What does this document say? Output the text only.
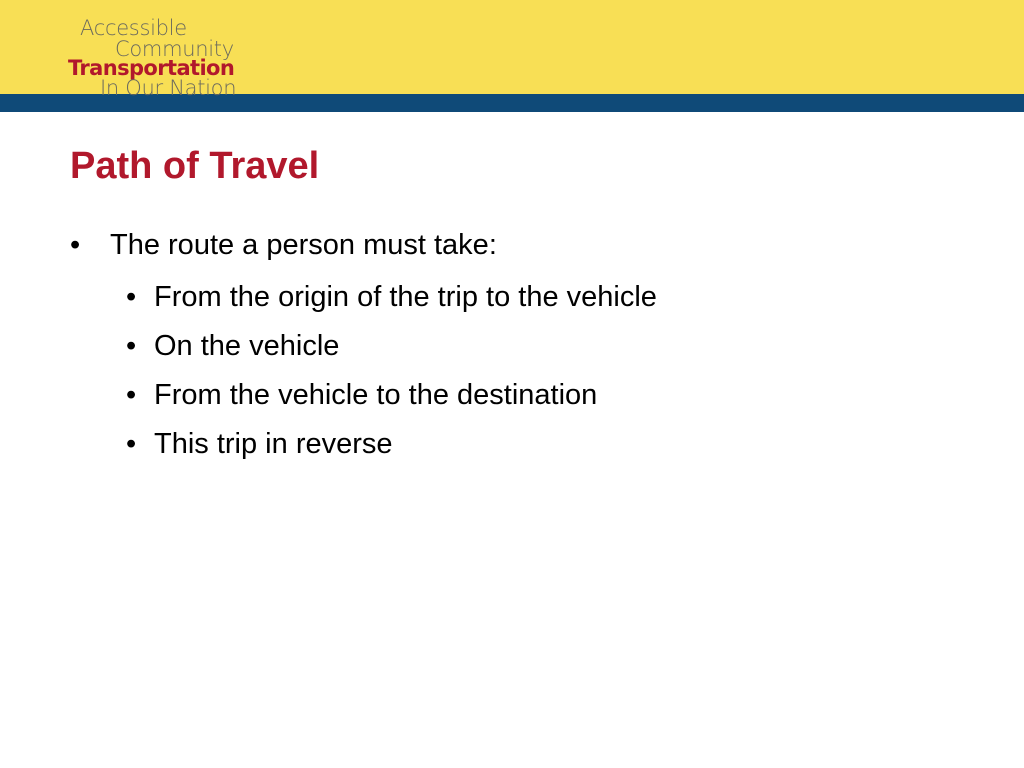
Accessible
Community
Transportation
In Our Nation
Path of Travel
• The route a person must take:
• From the origin of the trip to the vehicle
• On the vehicle
• From the vehicle to the destination
• This trip in reverse
